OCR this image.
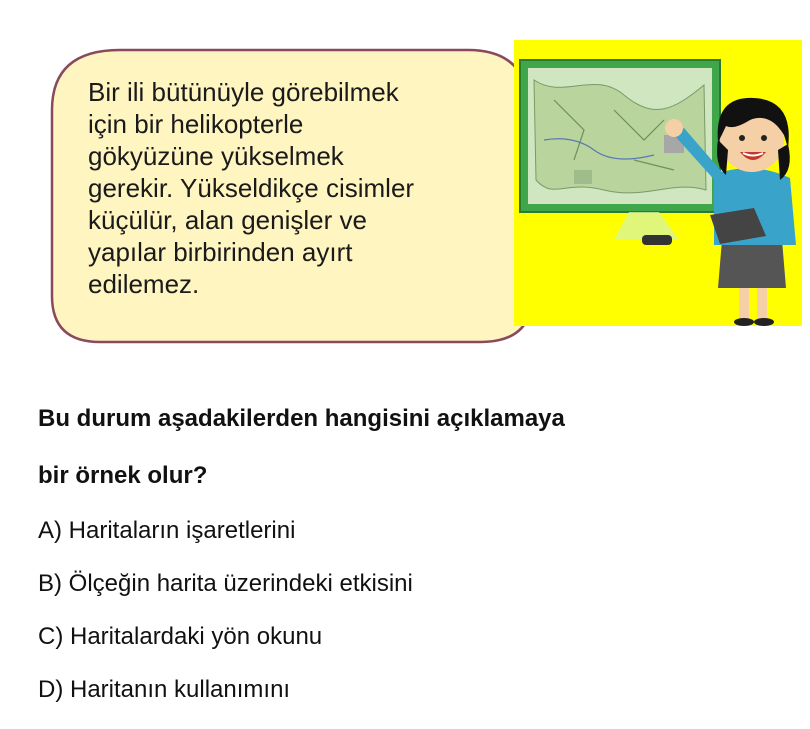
Bir ili bütünüyle görebilmek
için bir helikopterle
gökyüzüne yükselmek
gerekir. Yükseldikçe cisimler
küçülür, alan genişler ve
yapılar birbirinden ayırt
edilemez.
Bu durum aşadakilerden hangisini açıklamaya
bir örnek olur?
A) Haritaların işaretlerini
B) Ölçeğin harita üzerindeki etkisini
C) Haritalardaki yön okunu
D) Haritanın kullanımını
